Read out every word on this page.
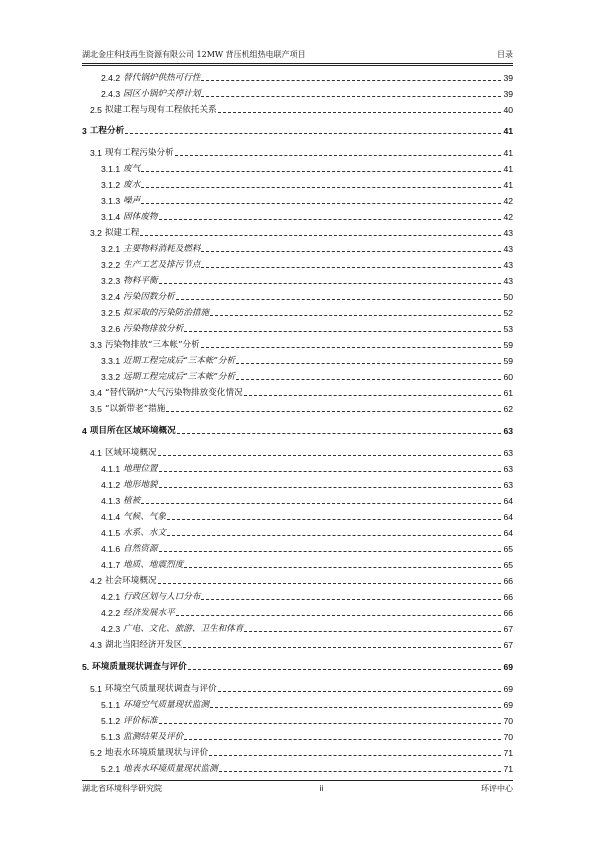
湖北金庄科技再生资源有限公司 12MW 背压机组热电联产项目	目录
2.4.2 替代锅炉供热可行性	39
2.4.3 园区小锅炉关停计划	39
2.5 拟建工程与现有工程依托关系	40
3 工程分析	41
3.1 现有工程污染分析	41
3.1.1 废气	41
3.1.2 废水	41
3.1.3 噪声	42
3.1.4 固体废物	42
3.2 拟建工程	43
3.2.1 主要物料消耗及燃料	43
3.2.2 生产工艺及排污节点	43
3.2.3 物料平衡	43
3.2.4 污染因数分析	50
3.2.5 拟采取的污染防治措施	52
3.2.6 污染物排放分析	53
3.3 污染物排放“三本帐”分析	59
3.3.1 近期工程完成后“三本帐”分析	59
3.3.2 远期工程完成后“三本帐”分析	60
3.4 “替代锅炉”大气污染物排放变化情况	61
3.5 “以新带老”措施	62
4 项目所在区域环境概况	63
4.1 区域环境概况	63
4.1.1 地理位置	63
4.1.2 地形地貌	63
4.1.3 植被	64
4.1.4 气候、气象	64
4.1.5 水系、水文	64
4.1.6 自然资源	65
4.1.7 地质、地震烈度	65
4.2 社会环境概况	66
4.2.1 行政区划与人口分布	66
4.2.2 经济发展水平	66
4.2.3 广电、文化、旅游、卫生和体育	67
4.3 湖北当阳经济开发区	67
5. 环境质量现状调查与评价	69
5.1 环境空气质量现状调查与评价	69
5.1.1 环境空气质量现状监测	69
5.1.2 评价标准	70
5.1.3 监测结果及评价	70
5.2 地表水环境质量现状与评价	71
5.2.1 地表水环境质量现状监测	71
湖北省环境科学研究院	ii	环评中心
